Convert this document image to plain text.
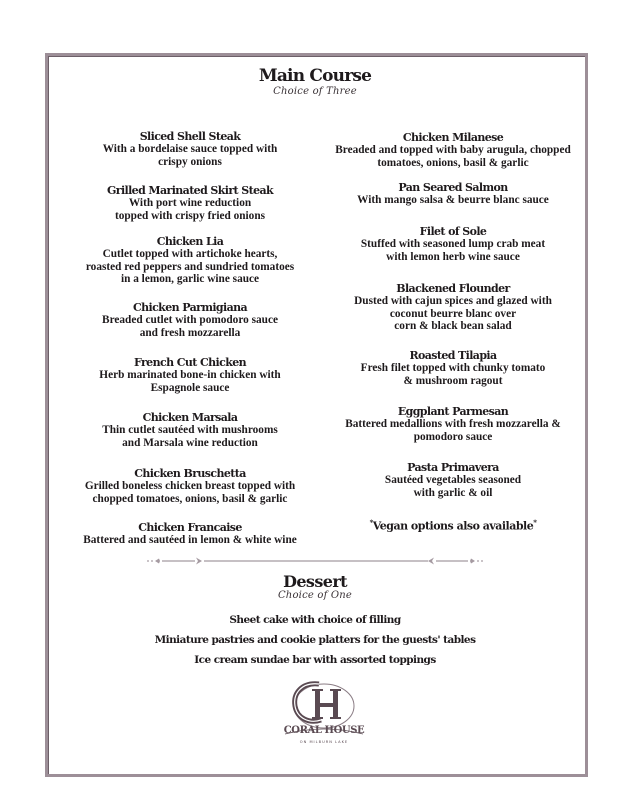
Main Course
Choice of Three
Sliced Shell Steak
With a bordelaise sauce topped with
crispy onions
Grilled Marinated Skirt Steak
With port wine reduction
topped with crispy fried onions
Chicken Lia
Cutlet topped with artichoke hearts,
roasted red peppers and sundried tomatoes
in a lemon, garlic wine sauce
Chicken Parmigiana
Breaded cutlet with pomodoro sauce
and fresh mozzarella
French Cut Chicken
Herb marinated bone-in chicken with
Espagnole sauce
Chicken Marsala
Thin cutlet sautéed with mushrooms
and Marsala wine reduction
Chicken Bruschetta
Grilled boneless chicken breast topped with
chopped tomatoes, onions, basil & garlic
Chicken Francaise
Battered and sautéed in lemon & white wine
Chicken Milanese
Breaded and topped with baby arugula, chopped
tomatoes, onions, basil & garlic
Pan Seared Salmon
With mango salsa & beurre blanc sauce
Filet of Sole
Stuffed with seasoned lump crab meat
with lemon herb wine sauce
Blackened Flounder
Dusted with cajun spices and glazed with
coconut beurre blanc over
corn & black bean salad
Roasted Tilapia
Fresh filet topped with chunky tomato
& mushroom ragout
Eggplant Parmesan
Battered medallions with fresh mozzarella &
pomodoro sauce
Pasta Primavera
Sautéed vegetables seasoned
with garlic & oil
*Vegan options also available*
Dessert
Choice of One
Sheet cake with choice of filling
Miniature pastries and cookie platters for the guests' tables
Ice cream sundae bar with assorted toppings
CORAL HOUSE
ON MILBURN LAKE
